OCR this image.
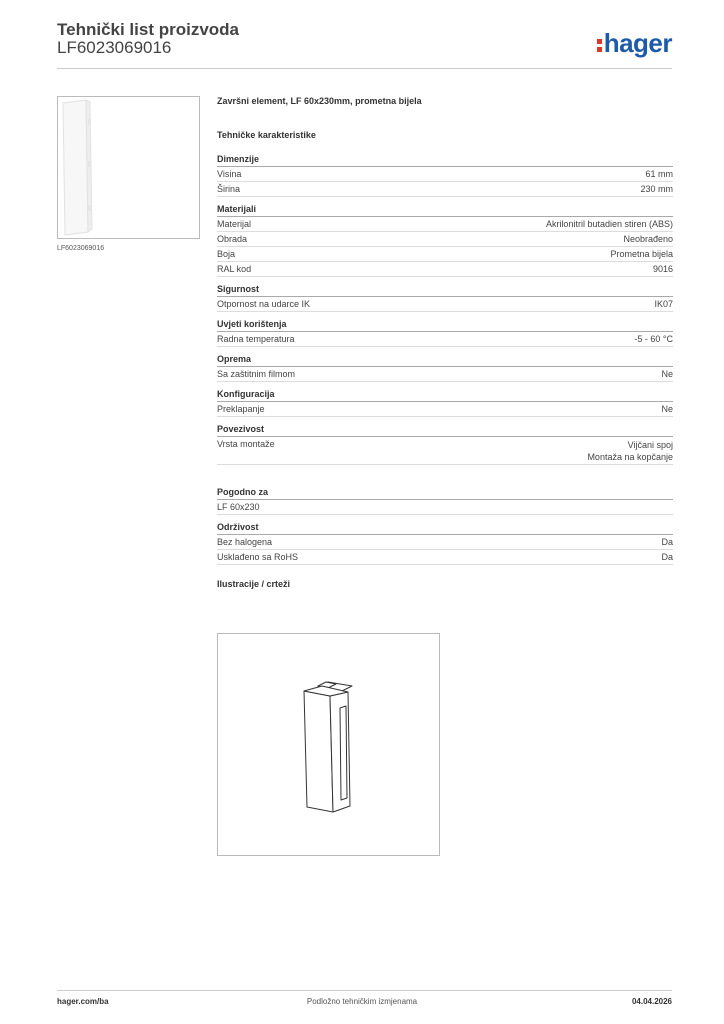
Tehnički list proizvoda
LF6023069016	hager
LF6023069016
Završni element, LF 60x230mm, prometna bijela
Tehničke karakteristike
Dimenzije
Visina	61 mm
Širina	230 mm
Materijali
Materijal	Akrilonitril butadien stiren (ABS)
Obrada	Neobrađeno
Boja	Prometna bijela
RAL kod	9016
Sigurnost
Otpornost na udarce IK	IK07
Uvjeti korištenja
Radna temperatura	-5 - 60 °C
Oprema
Sa zaštitnim filmom	Ne
Konfiguracija
Preklapanje	Ne
Povezivost
Vrsta montaže	Vijčani spoj
Montaža na kopčanje
Pogodno za
LF 60x230
Održivost
Bez halogena	Da
Usklađeno sa RoHS	Da
Ilustracije / crteži
hager.com/ba	Podložno tehničkim izmjenama	04.04.2026
